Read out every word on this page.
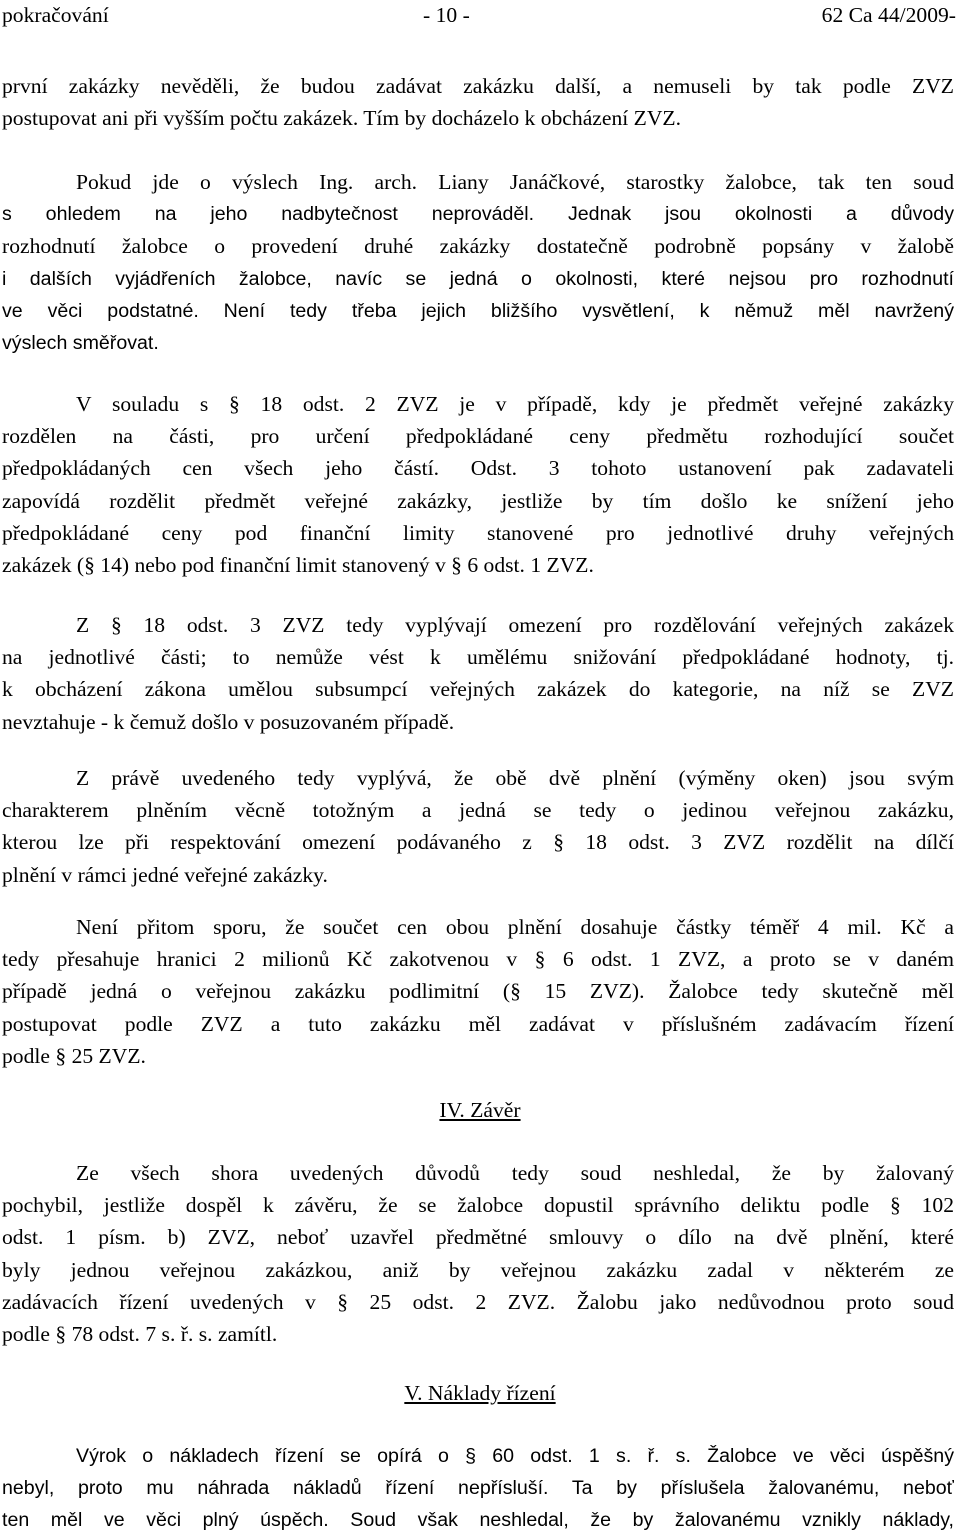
pokračování	- 10 -	62 Ca 44/2009-
první zakázky nevěděli, že budou zadávat zakázku další, a nemuseli by tak podle ZVZ
postupovat ani při vyšším počtu zakázek. Tím by docházelo k obcházení ZVZ.
Pokud jde o výslech Ing. arch. Liany Janáčkové, starostky žalobce, tak ten soud
s ohledem na jeho nadbytečnost neprováděl. Jednak jsou okolnosti a důvody
rozhodnutí žalobce o provedení druhé zakázky dostatečně podrobně popsány v žalobě
i dalších vyjádřeních žalobce, navíc se jedná o okolnosti, které nejsou pro rozhodnutí
ve věci podstatné. Není tedy třeba jejich bližšího vysvětlení, k němuž měl navržený
výslech směřovat.
V souladu s § 18 odst. 2 ZVZ je v případě, kdy je předmět veřejné zakázky
rozdělen na části, pro určení předpokládané ceny předmětu rozhodující součet
předpokládaných cen všech jeho částí. Odst. 3 tohoto ustanovení pak zadavateli
zapovídá rozdělit předmět veřejné zakázky, jestliže by tím došlo ke snížení jeho
předpokládané ceny pod finanční limity stanovené pro jednotlivé druhy veřejných
zakázek (§ 14) nebo pod finanční limit stanovený v § 6 odst. 1 ZVZ.
Z § 18 odst. 3 ZVZ tedy vyplývají omezení pro rozdělování veřejných zakázek
na jednotlivé části; to nemůže vést k umělému snižování předpokládané hodnoty, tj.
k obcházení zákona umělou subsumpcí veřejných zakázek do kategorie, na níž se ZVZ
nevztahuje - k čemuž došlo v posuzovaném případě.
Z právě uvedeného tedy vyplývá, že obě dvě plnění (výměny oken) jsou svým
charakterem plněním věcně totožným a jedná se tedy o jedinou veřejnou zakázku,
kterou lze při respektování omezení podávaného z § 18 odst. 3 ZVZ rozdělit na dílčí
plnění v rámci jedné veřejné zakázky.
Není přitom sporu, že součet cen obou plnění dosahuje částky téměř 4 mil. Kč a
tedy přesahuje hranici 2 milionů Kč zakotvenou v § 6 odst. 1 ZVZ, a proto se v daném
případě jedná o veřejnou zakázku podlimitní (§ 15 ZVZ). Žalobce tedy skutečně měl
postupovat podle ZVZ a tuto zakázku měl zadávat v příslušném zadávacím řízení
podle § 25 ZVZ.
IV. Závěr
Ze všech shora uvedených důvodů tedy soud neshledal, že by žalovaný
pochybil, jestliže dospěl k závěru, že se žalobce dopustil správního deliktu podle § 102
odst. 1 písm. b) ZVZ, neboť uzavřel předmětné smlouvy o dílo na dvě plnění, které
byly jednou veřejnou zakázkou, aniž by veřejnou zakázku zadal v některém ze
zadávacích řízení uvedených v § 25 odst. 2 ZVZ. Žalobu jako nedůvodnou proto soud
podle § 78 odst. 7 s. ř. s. zamítl.
V. Náklady řízení
Výrok o nákladech řízení se opírá o § 60 odst. 1 s. ř. s. Žalobce ve věci úspěšný
nebyl, proto mu náhrada nákladů řízení nepřísluší. Ta by příslušela žalovanému, neboť
ten měl ve věci plný úspěch. Soud však neshledal, že by žalovanému vznikly náklady,
